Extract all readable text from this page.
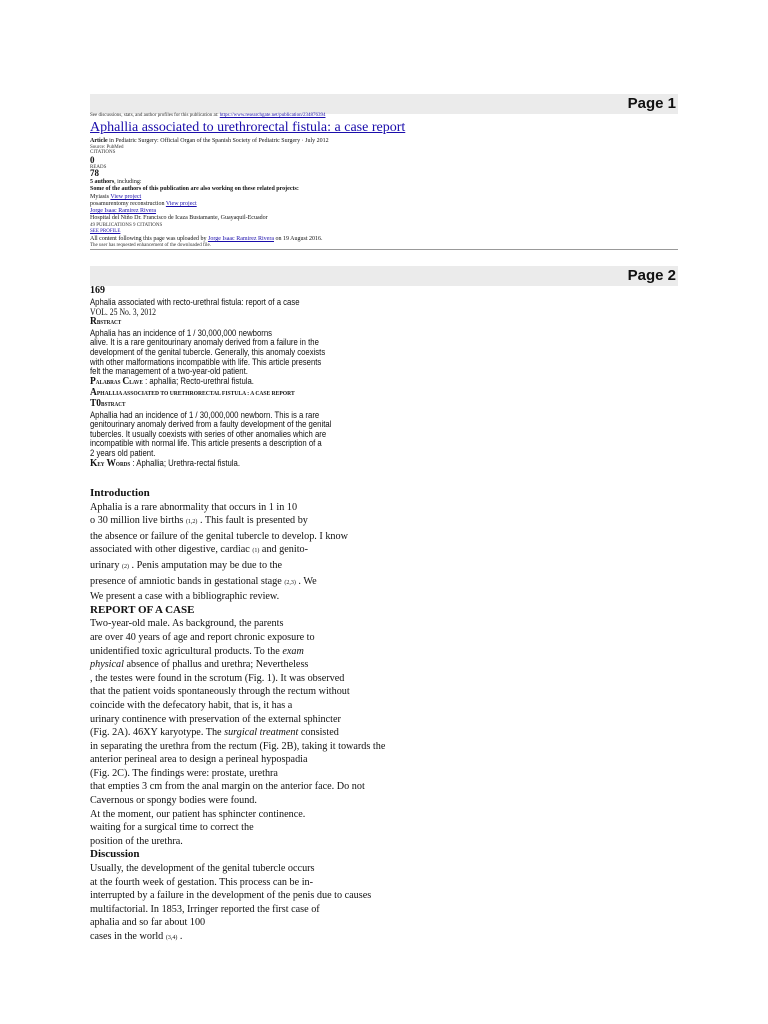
Page 1
See discussions, stats, and author profiles for this publication at: https://www.researchgate.net/publication/234876394
Aphallia associated to urethrorectal fistula: a case report
Article in Pediatric Surgery: Official Organ of the Spanish Society of Pediatric Surgery · July 2012
Source: PubMed
CITATIONS
0
READS
78
5 authors, including:
Some of the authors of this publication are also working on these related projects:
Myiasis View project
posamurentomy reconstruction View project
Jorge Isaac Ramirez Rivera
Hospital del Niño Dr. Francisco de Icaza Bustamante, Guayaquil-Ecuador
49 PUBLICATIONS 9 CITATIONS
SEE PROFILE
All content following this page was uploaded by Jorge Isaac Ramirez Rivera on 19 August 2016.
The user has requested enhancement of the downloaded file.
Page 2
169
Aphalia associated with recto-urethral fistula: report of a case
VOL. 25 No. 3, 2012
RBSTRACT
Aphalia has an incidence of 1 / 30,000,000 newborns
alive. It is a rare genitourinary anomaly derived from a failure in the
development of the genital tubercle. Generally, this anomaly coexists
with other malformations incompatible with life. This article presents
felt the management of a two-year-old patient.
PALABRAS CLAVE : aphallia; Recto-urethral fistula.
APHALLIA ASSOCIATED TO URETHRORECTAL FISTULA : A CASE REPORT
T0BSTRACT
Aphallia had an incidence of 1 / 30,000,000 newborn. This is a rare
genitourinary anomaly derived from a faulty development of the genital
tubercles. It usually coexists with series of other anomalies which are
incompatible with normal life. This article presents a description of a
2 years old patient.
KEY WORDS : Aphallia; Urethra-rectal fistula.
Introduction
Aphalia is a rare abnormality that occurs in 1 in 10
o 30 million live births (1,2) . This fault is presented by
the absence or failure of the genital tubercle to develop. I know
associated with other digestive, cardiac (1) and genito-
urinary (2) . Penis amputation may be due to the
presence of amniotic bands in gestational stage (2,3) . We
We present a case with a bibliographic review.
REPORT OF A CASE
Two-year-old male. As background, the parents
are over 40 years of age and report chronic exposure to
unidentified toxic agricultural products. To the exam
physical absence of phallus and urethra; Nevertheless
, the testes were found in the scrotum (Fig. 1). It was observed
that the patient voids spontaneously through the rectum without
coincide with the defecatory habit, that is, it has a
urinary continence with preservation of the external sphincter
(Fig. 2A). 46XY karyotype. The surgical treatment consisted
in separating the urethra from the rectum (Fig. 2B), taking it towards the
anterior perineal area to design a perineal hypospadia
(Fig. 2C). The findings were: prostate, urethra
that empties 3 cm from the anal margin on the anterior face. Do not
Cavernous or spongy bodies were found.
At the moment, our patient has sphincter continence.
waiting for a surgical time to correct the
position of the urethra.
Discussion
Usually, the development of the genital tubercle occurs
at the fourth week of gestation. This process can be in-
interrupted by a failure in the development of the penis due to causes
multifactorial. In 1853, Irringer reported the first case of
aphalia and so far about 100
cases in the world (3,4) .
